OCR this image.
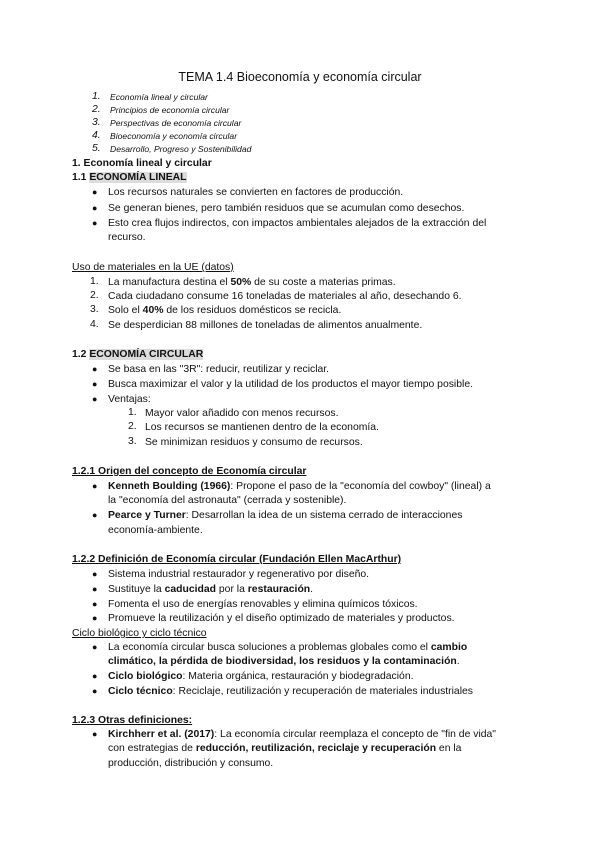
TEMA 1.4 Bioeconomía y economía circular
1. Economía lineal y circular
2. Principios de economía circular
3. Perspectivas de economía circular
4. Bioeconomía y economía circular
5. Desarrollo, Progreso y Sostenibilidad
1. Economía lineal y circular
1.1 ECONOMÍA LINEAL
● Los recursos naturales se convierten en factores de producción.
● Se generan bienes, pero también residuos que se acumulan como desechos.
● Esto crea flujos indirectos, con impactos ambientales alejados de la extracción del
recurso.
Uso de materiales en la UE (datos)
1. La manufactura destina el 50% de su coste a materias primas.
2. Cada ciudadano consume 16 toneladas de materiales al año, desechando 6.
3. Solo el 40% de los residuos domésticos se recicla.
4. Se desperdician 88 millones de toneladas de alimentos anualmente.
1.2 ECONOMÍA CIRCULAR
● Se basa en las "3R": reducir, reutilizar y reciclar.
● Busca maximizar el valor y la utilidad de los productos el mayor tiempo posible.
● Ventajas:
1. Mayor valor añadido con menos recursos.
2. Los recursos se mantienen dentro de la economía.
3. Se minimizan residuos y consumo de recursos.
1.2.1 Origen del concepto de Economía circular
● Kenneth Boulding (1966): Propone el paso de la "economía del cowboy" (lineal) a
la "economía del astronauta" (cerrada y sostenible).
● Pearce y Turner: Desarrollan la idea de un sistema cerrado de interacciones
economía-ambiente.
1.2.2 Definición de Economía circular (Fundación Ellen MacArthur)
● Sistema industrial restaurador y regenerativo por diseño.
● Sustituye la caducidad por la restauración.
● Fomenta el uso de energías renovables y elimina químicos tóxicos.
● Promueve la reutilización y el diseño optimizado de materiales y productos.
Ciclo biológico y ciclo técnico
● La economía circular busca soluciones a problemas globales como el cambio
climático, la pérdida de biodiversidad, los residuos y la contaminación.
● Ciclo biológico: Materia orgánica, restauración y biodegradación.
● Ciclo técnico: Reciclaje, reutilización y recuperación de materiales industriales
1.2.3 Otras definiciones:
● Kirchherr et al. (2017): La economía circular reemplaza el concepto de "fin de vida"
con estrategias de reducción, reutilización, reciclaje y recuperación en la
producción, distribución y consumo.
